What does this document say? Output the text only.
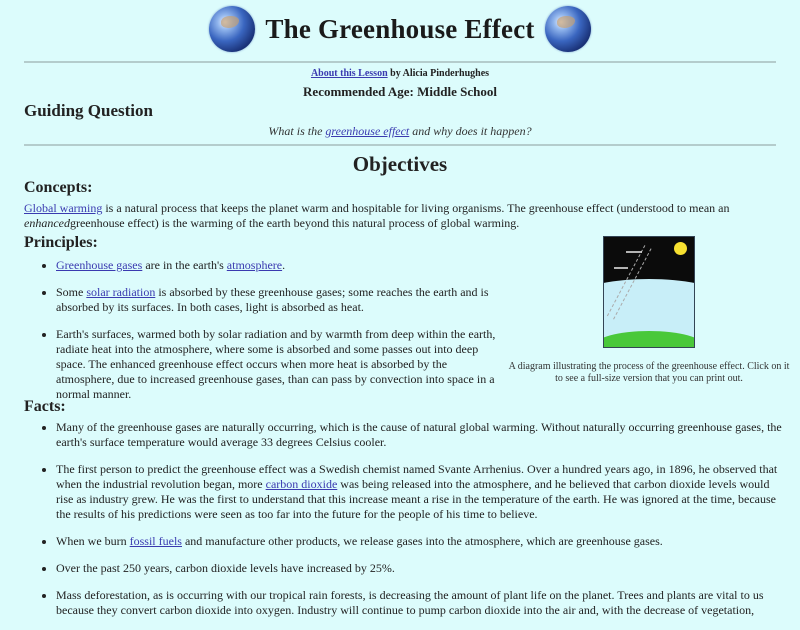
The Greenhouse Effect
About this Lesson by Alicia Pinderhughes
Recommended Age: Middle School
Guiding Question
What is the greenhouse effect and why does it happen?
Objectives
Concepts:
Global warming is a natural process that keeps the planet warm and hospitable for living organisms. The greenhouse effect (understood to mean an enhancedgreenhouse effect) is the warming of the earth beyond this natural process of global warming.
Principles:
• Greenhouse gases are in the earth's atmosphere.
• Some solar radiation is absorbed by these greenhouse gases; some reaches the earth and is absorbed by its surfaces. In both cases, light is absorbed as heat.
• Earth's surfaces, warmed both by solar radiation and by warmth from deep within the earth, radiate heat into the atmosphere, where some is absorbed and some passes out into deep space. The enhanced greenhouse effect occurs when more heat is absorbed by the atmosphere, due to increased greenhouse gases, than can pass by convection into space in a normal manner.
A diagram illustrating the process of the greenhouse effect. Click on it to see a full-size version that you can print out.
Facts:
• Many of the greenhouse gases are naturally occurring, which is the cause of natural global warming. Without naturally occurring greenhouse gases, the earth's surface temperature would average 33 degrees Celsius cooler.
• The first person to predict the greenhouse effect was a Swedish chemist named Svante Arrhenius. Over a hundred years ago, in 1896, he observed that when the industrial revolution began, more carbon dioxide was being released into the atmosphere, and he believed that carbon dioxide levels would rise as industry grew. He was the first to understand that this increase meant a rise in the temperature of the earth. He was ignored at the time, because the results of his predictions were seen as too far into the future for the people of his time to believe.
• When we burn fossil fuels and manufacture other products, we release gases into the atmosphere, which are greenhouse gases.
• Over the past 250 years, carbon dioxide levels have increased by 25%.
• Mass deforestation, as is occurring with our tropical rain forests, is decreasing the amount of plant life on the planet. Trees and plants are vital to us because they convert carbon dioxide into oxygen. Industry will continue to pump carbon dioxide into the air and, with the decrease of vegetation,
